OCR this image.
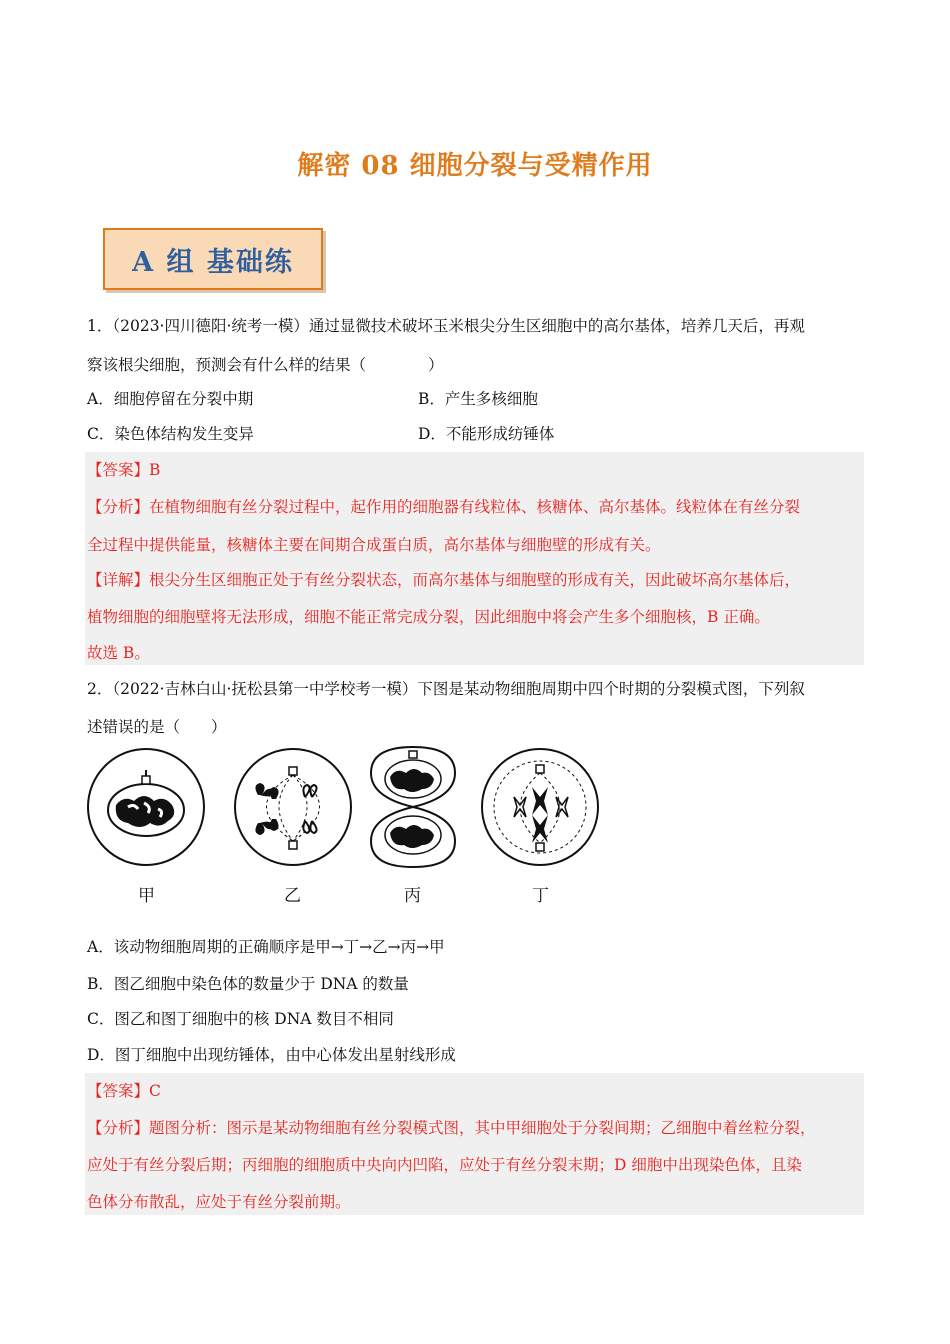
解密 08 细胞分裂与受精作用
A 组 基础练
1．（2023·四川德阳·统考一模）通过显微技术破坏玉米根尖分生区细胞中的高尔基体，培养几天后，再观
察该根尖细胞，预测会有什么样的结果（　　　　）
A．细胞停留在分裂中期	B．产生多核细胞
C．染色体结构发生变异	D．不能形成纺锤体
【答案】B
【分析】在植物细胞有丝分裂过程中，起作用的细胞器有线粒体、核糖体、高尔基体。线粒体在有丝分裂
全过程中提供能量，核糖体主要在间期合成蛋白质，高尔基体与细胞壁的形成有关。
【详解】根尖分生区细胞正处于有丝分裂状态，而高尔基体与细胞壁的形成有关，因此破坏高尔基体后，
植物细胞的细胞壁将无法形成，细胞不能正常完成分裂，因此细胞中将会产生多个细胞核，B 正确。
故选 B。
2．（2022·吉林白山·抚松县第一中学校考一模）下图是某动物细胞周期中四个时期的分裂模式图，下列叙
述错误的是（　　）
甲	乙	丙	丁
A．该动物细胞周期的正确顺序是甲→丁→乙→丙→甲
B．图乙细胞中染色体的数量少于 DNA 的数量
C．图乙和图丁细胞中的核 DNA 数目不相同
D．图丁细胞中出现纺锤体，由中心体发出星射线形成
【答案】C
【分析】题图分析：图示是某动物细胞有丝分裂模式图，其中甲细胞处于分裂间期；乙细胞中着丝粒分裂，
应处于有丝分裂后期；丙细胞的细胞质中央向内凹陷，应处于有丝分裂末期；D 细胞中出现染色体，且染
色体分布散乱，应处于有丝分裂前期。
